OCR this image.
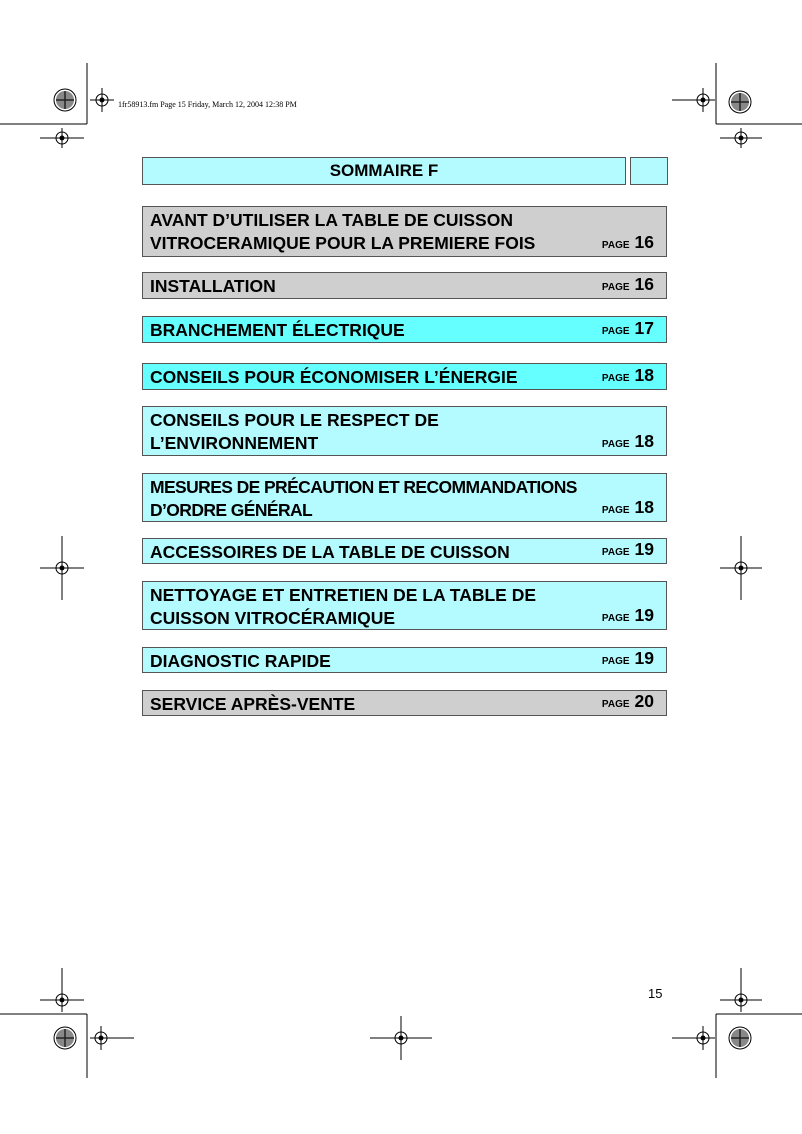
1fr58913.fm Page 15 Friday, March 12, 2004 12:38 PM
SOMMAIRE F
AVANT D’UTILISER LA TABLE DE CUISSON VITROCERAMIQUE POUR LA PREMIERE FOIS	PAGE 16
INSTALLATION	PAGE 16
BRANCHEMENT ÉLECTRIQUE	PAGE 17
CONSEILS POUR ÉCONOMISER L’ÉNERGIE	PAGE 18
CONSEILS POUR LE RESPECT DE L’ENVIRONNEMENT	PAGE 18
MESURES DE PRÉCAUTION ET RECOMMANDATIONS D’ORDRE GÉNÉRAL	PAGE 18
ACCESSOIRES DE LA TABLE DE CUISSON	PAGE 19
NETTOYAGE ET ENTRETIEN DE LA TABLE DE CUISSON VITROCÉRAMIQUE	PAGE 19
DIAGNOSTIC RAPIDE	PAGE 19
SERVICE APRÈS-VENTE	PAGE 20
15
